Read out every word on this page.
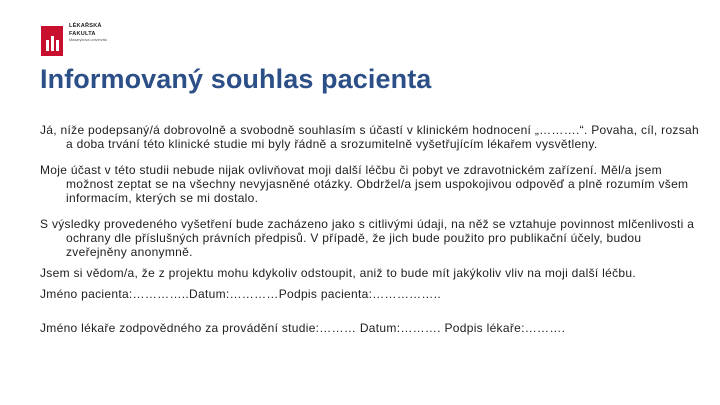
LÉKAŘSKÁ
FAKULTA
Masarykova univerzita
Informovaný souhlas pacienta

Já, níže podepsaný/á dobrovolně a svobodně souhlasím s účastí v klinickém hodnocení „……….“. Povaha, cíl, rozsah a doba trvání této klinické studie mi byly řádně a srozumitelně vyšetřujícím lékařem vysvětleny.

Moje účast v této studii nebude nijak ovlivňovat moji další léčbu či pobyt ve zdravotnickém zařízení. Měl/a jsem možnost zeptat se na všechny nevyjasněné otázky. Obdržel/a jsem uspokojivou odpověď a plně rozumím všem informacím, kterých se mi dostalo.

S výsledky provedeného vyšetření bude zacházeno jako s citlivými údaji, na něž se vztahuje povinnost mlčenlivosti a ochrany dle příslušných právních předpisů. V případě, že jich bude použito pro publikační účely, budou zveřejněny anonymně.

Jsem si vědom/a, že z projektu mohu kdykoliv odstoupit, aniž to bude mít jakýkoliv vliv na moji další léčbu.

Jméno pacienta:…………..Datum:…………Podpis pacienta:……………..

Jméno lékaře zodpovědného za provádění studie:……… Datum:………. Podpis lékaře:……….
